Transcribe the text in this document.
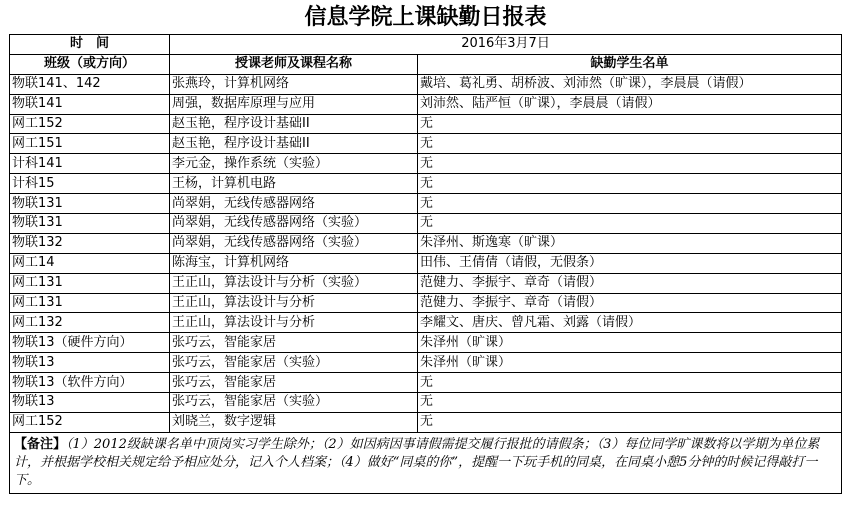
信息学院上课缺勤日报表
时　间	2016年3月7日	
班级（或方向）	授课老师及课程名称	缺勤学生名单
物联141、142	张燕玲，计算机网络	戴培、葛礼勇、胡桥波、刘沛然（旷课），李晨晨（请假）
物联141	周强，数据库原理与应用	刘沛然、陆严恒（旷课），李晨晨（请假）
网工152	赵玉艳，程序设计基础II	无
网工151	赵玉艳，程序设计基础II	无
计科141	李元金，操作系统（实验）	无
计科15	王杨，计算机电路	无
物联131	尚翠娟，无线传感器网络	无
物联131	尚翠娟，无线传感器网络（实验）	无
物联132	尚翠娟，无线传感器网络（实验）	朱泽州、斯逸寒（旷课）
网工14	陈海宝，计算机网络	田伟、王倩倩（请假，无假条）
网工131	王正山，算法设计与分析（实验）	范健力、李振宇、章奇（请假）
网工131	王正山，算法设计与分析	范健力、李振宇、章奇（请假）
网工132	王正山，算法设计与分析	李耀文、唐庆、曾凡霜、刘露（请假）
物联13（硬件方向）	张巧云，智能家居	朱泽州（旷课）
物联13	张巧云，智能家居（实验）	朱泽州（旷课）
物联13（软件方向）	张巧云，智能家居	无
物联13	张巧云，智能家居（实验）	无
网工152	刘晓兰，数字逻辑	无
【备注】（1）2012级缺课名单中顶岗实习学生除外；（2）如因病因事请假需提交履行报批的请假条；（3）每位同学旷课数将以学期为单位累计，并根据学校相关规定给予相应处分，记入个人档案；（4）做好“同桌的你”，提醒一下玩手机的同桌，在同桌小憩5分钟的时候记得敲打一下。		
